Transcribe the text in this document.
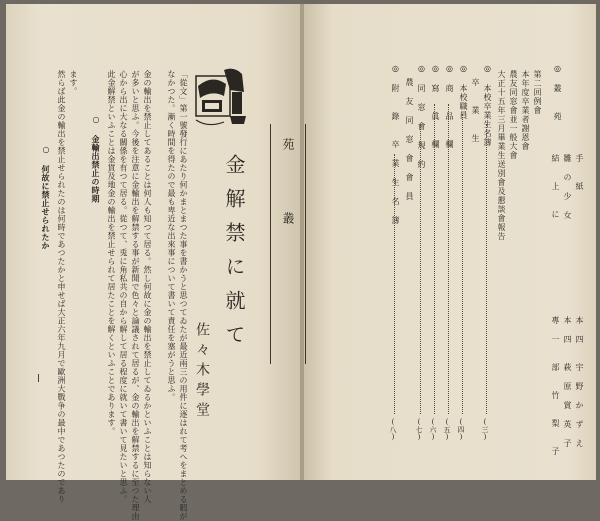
「從文」第一號發行にあたり何かまとまつた事を書かうと思つてゐたが最近兩三の用件に逐はれて考へをまとめる暇が
なかつた。漸く時間を得たので最も卑近な出來事について書いて責任を塞がうと思ふ。
金の輸出を禁止してあることは何人も知つて居る。然し何故に金の輸出を禁止してゐるかといふことは知らない人
が多いと思ふ。今後を注意に金輸出を解禁する事が新聞で色々と論議されて居るが、金の輸出を解禁するに至つた理由
心から出に大なる關係を有つて居る。從つて、兎に角私共の自から解して居る程度に就いて書いて見たいと思ふ。
此金解禁といふことは金貨及地金の輸出を禁止せられて居たことを解くといふことであります。
○ 金輸出禁止の時期
ます。
然らば此金の輸出を禁止せられたのは何時であつたかと申せば大正六年九月で歐洲大戰争の最中であつたのであり
○ 何故に禁止せられたか	苑 叢
金解禁に就て
佐々木學堂
◎ 叢 　苑
第二回例會
本年度卒業者謝恩會
農友同窓會並一般大會
大正十五年三月畢業生送別會及懇談會報告
◎ 本校卒業生名簿
卒 　業 　生
◎ 本校職員
◎ 商 　品 　欄
◎ 寫 　眞 　欄
◎ 同 窓 會 規 約
農 友 同 窓 會 會 員
◎ 附 　錄 　卒 業 生 名 簿
(三)
(四)
(五)
(六)
(七)
(八)
手 　紙
雛 の 少 女
結 　上 　に
本 四 　宇 野 か ず え
本 四 　萩 原 賞 英 子
專 一 　部 　竹 　梨 　子
